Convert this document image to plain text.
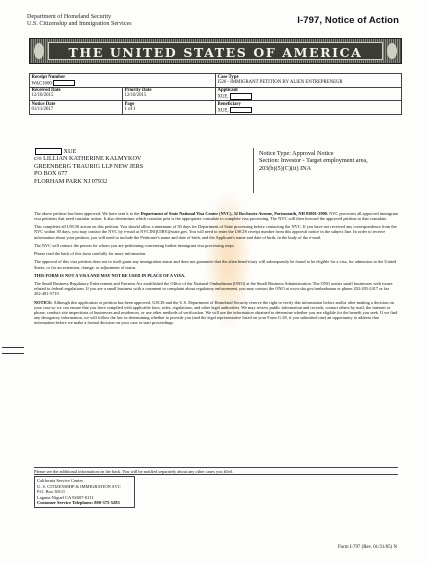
Department of Homeland Security
U.S. Citizenship and Immigration Services	I-797, Notice of Action
THE UNITED STATES OF AMERICA
Receipt Number
WAC1600		Case Type
I526 - IMMIGRANT PETITION BY ALIEN ENTREPRENEUR

Received Date
12/10/2015	Priority Date
12/10/2015	Applicant
XUE,

Notice Date
01/11/2017	Page
1 of 1	Beneficiary
XUE,
XUE
c/o LILLIAN KATHERINE KALMYKOV
GREENBERG TRAURIG LLP NEW JERS
PO BOX 677
FLORHAM PARK NJ 07932
Notice Type: Approval Notice
Section: Investor - Target employment area,
203(b)(5)(C)(ii) INA

The above petition has been approved. We have sent it to the Department of State National Visa Center (NVC), 32 Rochester Avenue, Portsmouth, NH 03801-2909. NVC processes all approved immigrant visa petitions that need consular action. It also determines which consular post is the appropriate consulate to complete visa processing. The NVC will then forward the approved petition to that consulate.

This completes all USCIS action on this petition. You should allow a minimum of 30 days for Department of State processing before contacting the NVC. If you have not received any correspondence from the NVC within 30 days, you may contact the NVC by e-mail at NVCINQUIRY@state.gov. You will need to enter the USCIS receipt number from this approval notice in the subject line. In order to receive information about your petition, you will need to include the Petitioner's name and date of birth, and the Applicant's name and date of birth, in the body of the e-mail.

The NVC will contact the person for whom you are petitioning concerning further immigrant visa processing steps.

Please read the back of this form carefully for more information.

The approval of this visa petition does not in itself grant any immigration status and does not guarantee that the alien beneficiary will subsequently be found to be eligible for a visa, for admission to the United States, or for an extension, change, or adjustment of status.

THIS FORM IS NOT A VISA AND MAY NOT BE USED IN PLACE OF A VISA.

The Small Business Regulatory Enforcement and Fairness Act established the Office of the National Ombudsman (ONO) at the Small Business Administration. The ONO assists small businesses with issues related to federal regulations. If you are a small business with a comment or complaint about regulatory enforcement, you may contact the ONO at www.sba.gov/ombudsman or phone 202-205-2417 or fax 202-481-5719.

NOTICE: Although this application or petition has been approved, USCIS and the U.S. Department of Homeland Security reserve the right to verify this information before and/or after making a decision on your case so we can ensure that you have complied with applicable laws, rules, regulations, and other legal authorities. We may review public information and records, contact others by mail, the internet or phone, conduct site inspections of businesses and residences, or use other methods of verification. We will use the information obtained to determine whether you are eligible for the benefit you seek. If we find any derogatory information, we will follow the law in determining whether to provide you (and the legal representative listed on your Form G-28, if you submitted one) an opportunity to address that information before we make a formal decision on your case or start proceedings.

Please see the additional information on the back. You will be notified separately about any other cases you filed.
California Service Center
U. S. CITIZENSHIP & IMMIGRATION SVC
P.O. Box 30111
Laguna Niguel CA 92607-0111
Customer Service Telephone: 800-375-5283
Form I-797 (Rev. 01/31/05) N
